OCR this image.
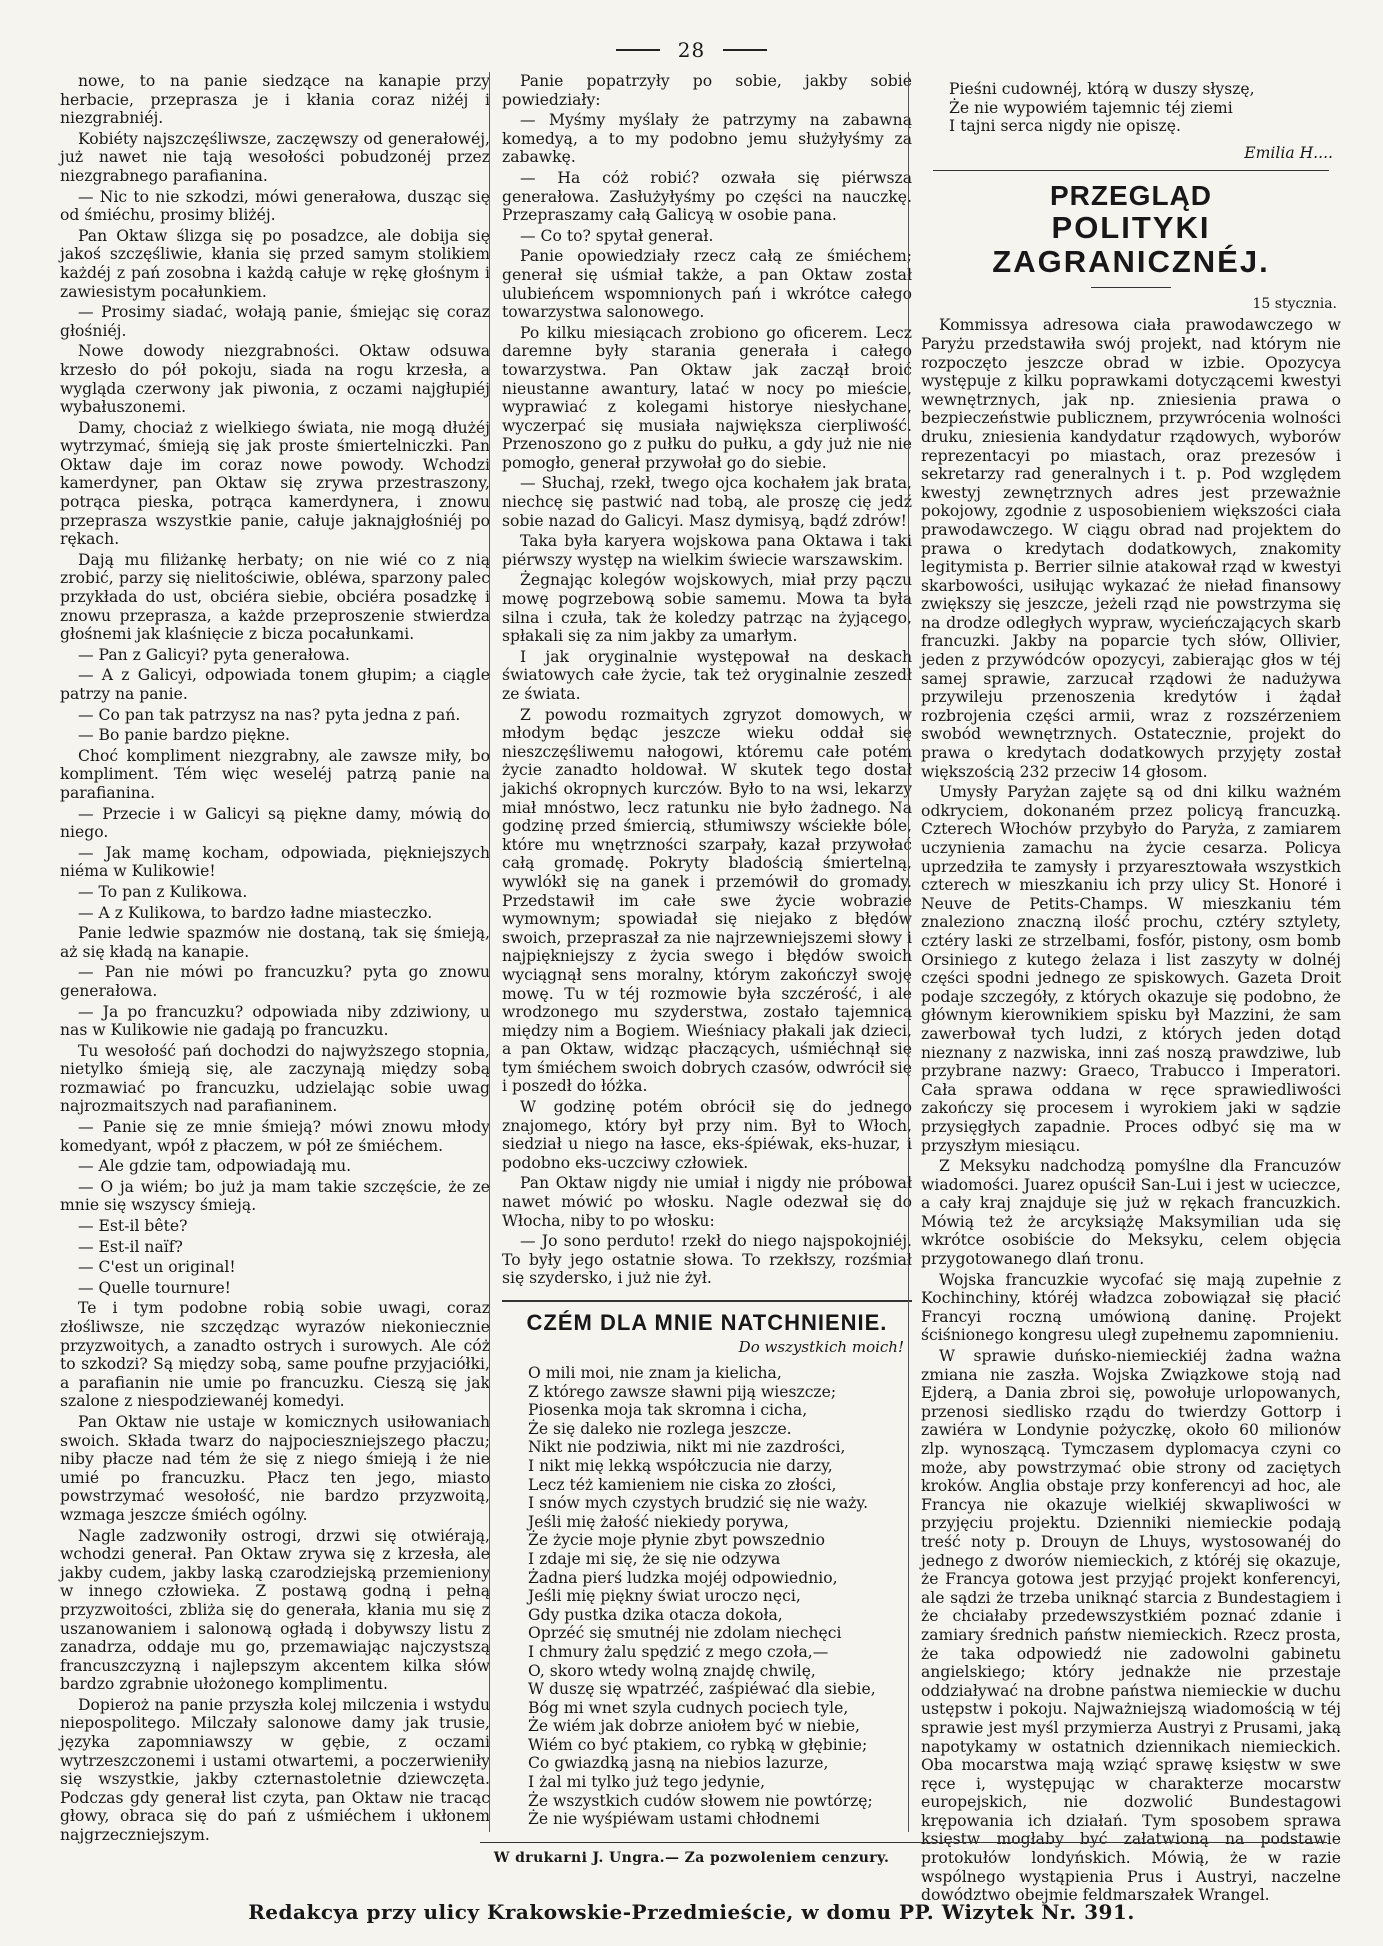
28

nowe, to na panie siedzące na kanapie przy herbacie, przeprasza je i kłania coraz niżéj i niezgrabniéj.

Kobiéty najszczęśliwsze, zaczęwszy od generałowéj, już nawet nie tają wesołości pobudzonéj przez niezgrabnego parafianina.

— Nic to nie szkodzi, mówi generałowa, dusząc się od śmiéchu, prosimy bliżéj.

Pan Oktaw ślizga się po posadzce, ale dobija się jakoś szczęśliwie, kłania się przed samym stolikiem każdéj z pań zosobna i każdą całuje w rękę głośnym i zawiesistym pocałunkiem.

— Prosimy siadać, wołają panie, śmiejąc się coraz głośniéj.

Nowe dowody niezgrabności. Oktaw odsuwa krzesło do pół pokoju, siada na rogu krzesła, a wygląda czerwony jak piwonia, z oczami najgłupiéj wybałuszonemi.

Damy, chociaż z wielkiego świata, nie mogą dłużéj wytrzymać, śmieją się jak proste śmiertelniczki. Pan Oktaw daje im coraz nowe powody. Wchodzi kamerdyner, pan Oktaw się zrywa przestraszony, potrąca pieska, potrąca kamerdynera, i znowu przeprasza wszystkie panie, całuje jaknajgłośniéj po rękach.

Dają mu filiżankę herbaty; on nie wié co z nią zrobić, parzy się nielitościwie, obléwa, sparzony palec przykłada do ust, obciéra siebie, obciéra posadzkę i znowu przeprasza, a każde przeproszenie stwierdza głośnemi jak klaśnięcie z bicza pocałunkami.

— Pan z Galicyi? pyta generałowa.

— A z Galicyi, odpowiada tonem głupim; a ciągle patrzy na panie.

— Co pan tak patrzysz na nas? pyta jedna z pań.

— Bo panie bardzo piękne.

Choć kompliment niezgrabny, ale zawsze miły, bo kompliment. Tém więc weseléj patrzą panie na parafianina.

— Przecie i w Galicyi są piękne damy, mówią do niego.

— Jak mamę kocham, odpowiada, piękniejszych niéma w Kulikowie!

— To pan z Kulikowa.

— A z Kulikowa, to bardzo ładne miasteczko.

Panie ledwie spazmów nie dostaną, tak się śmieją, aż się kładą na kanapie.

— Pan nie mówi po francuzku? pyta go znowu generałowa.

— Ja po francuzku? odpowiada niby zdziwiony, u nas w Kulikowie nie gadają po francuzku.

Tu wesołość pań dochodzi do najwyższego stopnia, nietylko śmieją się, ale zaczynają między sobą rozmawiać po francuzku, udzielając sobie uwag najrozmaitszych nad parafianinem.

— Panie się ze mnie śmieją? mówi znowu młody komedyant, wpół z płaczem, w pół ze śmiéchem.

— Ale gdzie tam, odpowiadają mu.

— O ja wiém; bo już ja mam takie szczęście, że ze mnie się wszyscy śmieją.

— Est-il bête?

— Est-il naïf?

— C'est un original!

— Quelle tournure!

Te i tym podobne robią sobie uwagi, coraz złośliwsze, nie szczędząc wyrazów niekoniecznie przyzwoitych, a zanadto ostrych i surowych. Ale cóż to szkodzi? Są między sobą, same poufne przyjaciółki, a parafianin nie umie po francuzku. Cieszą się jak szalone z niespodziewanéj komedyi.

Pan Oktaw nie ustaje w komicznych usiłowaniach swoich. Składa twarz do najpocieszniejszego płaczu; niby płacze nad tém że się z niego śmieją i że nie umié po francuzku. Płacz ten jego, miasto powstrzymać wesołość, nie bardzo przyzwoitą, wzmaga jeszcze śmiéch ogólny.

Nagle zadzwoniły ostrogi, drzwi się otwiérają, wchodzi generał. Pan Oktaw zrywa się z krzesła, ale jakby cudem, jakby laską czarodziejską przemieniony w innego człowieka. Z postawą godną i pełną przyzwoitości, zbliża się do generała, kłania mu się z uszanowaniem i salonową ogładą i dobywszy listu z zanadrza, oddaje mu go, przemawiając najczystszą francuszczyzną i najlepszym akcentem kilka słów bardzo zgrabnie ułożonego komplimentu.

Dopieroż na panie przyszła kolej milczenia i wstydu niepospolitego. Milczały salonowe damy jak trusie, języka zapomniawszy w gębie, z oczami wytrzeszczonemi i ustami otwartemi, a poczerwieniły się wszystkie, jakby czternastoletnie dziewczęta. Podczas gdy generał list czyta, pan Oktaw nie tracąc głowy, obraca się do pań z uśmiéchem i ukłonem najgrzeczniejszym.

Panie popatrzyły po sobie, jakby sobie powiedziały:

— Myśmy myślały że patrzymy na zabawną komedyą, a to my podobno jemu służyłyśmy za zabawkę.

— Ha cóż robić? ozwała się piérwsza generałowa. Zasłużyłyśmy po części na nauczkę. Przepraszamy całą Galicyą w osobie pana.

— Co to? spytał generał.

Panie opowiedziały rzecz całą ze śmiéchem; generał się uśmiał także, a pan Oktaw został ulubieńcem wspomnionych pań i wkrótce całego towarzystwa salonowego.

Po kilku miesiącach zrobiono go oficerem. Lecz daremne były starania generała i całego towarzystwa. Pan Oktaw jak zaczął broić nieustanne awantury, latać w nocy po mieście, wyprawiać z kolegami historye niesłychane, wyczerpać się musiała największa cierpliwość. Przenoszono go z pułku do pułku, a gdy już nie nie pomogło, generał przywołał go do siebie.

— Słuchaj, rzekł, twego ojca kochałem jak brata, niechcę się pastwić nad tobą, ale proszę cię jedź sobie nazad do Galicyi. Masz dymisyą, bądź zdrów!

Taka była karyera wojskowa pana Oktawa i taki piérwszy występ na wielkim świecie warszawskim.

Żegnając kolegów wojskowych, miał przy pączu mowę pogrzebową sobie samemu. Mowa ta była silna i czuła, tak że koledzy patrząc na żyjącego, spłakali się za nim jakby za umarłym.

I jak oryginalnie występował na deskach światowych całe życie, tak też oryginalnie zeszedł ze świata.

Z powodu rozmaitych zgryzot domowych, w młodym będąc jeszcze wieku oddał się nieszczęśliwemu nałogowi, któremu całe potém życie zanadto holdował. W skutek tego dostał jakichś okropnych kurczów. Było to na wsi, lekarzy miał mnóstwo, lecz ratunku nie było żadnego. Na godzinę przed śmiercią, stłumiwszy wściekłe bóle, które mu wnętrzności szarpały, kazał przywołać całą gromadę. Pokryty bladością śmiertelną, wywlókł się na ganek i przemówił do gromady. Przedstawił im całe swe życie wobrazie wymownym; spowiadał się niejako z błędów swoich, przepraszał za nie najrzewniejszemi słowy i najpiękniejszy z życia swego i błędów swoich wyciągnął sens moralny, którym zakończył swoję mowę. Tu w téj rozmowie była szczérość, i ale wrodzonego mu szyderstwa, zostało tajemnicą między nim a Bogiem. Wieśniacy płakali jak dzieci, a pan Oktaw, widząc płaczących, uśmiéchnął się tym śmiéchem swoich dobrych czasów, odwrócił się i poszedł do łóżka.

W godzinę potém obrócił się do jednego znajomego, który był przy nim. Był to Włoch, siedział u niego na łasce, eks-śpiéwak, eks-huzar, i podobno eks-uczciwy człowiek.

Pan Oktaw nigdy nie umiał i nigdy nie próbował nawet mówić po włosku. Nagle odezwał się do Włocha, niby to po włosku:

— Jo sono perduto! rzekł do niego najspokojniéj. To były jego ostatnie słowa. To rzekłszy, rozśmiał się szydersko, i już nie żył.

CZÉM DLA MNIE NATCHNIENIE.
Do wszystkich moich!

O mili moi, nie znam ja kielicha,

Z którego zawsze sławni piją wieszcze;

Piosenka moja tak skromna i cicha,

Że się daleko nie rozlega jeszcze.

Nikt nie podziwia, nikt mi nie zazdrości,

I nikt mię lekką współczucia nie darzy,

Lecz téż kamieniem nie ciska zo złości,

I snów mych czystych brudzić się nie waży.

Jeśli mię żałość niekiedy porywa,

Że życie moje płynie zbyt powszednio

I zdaje mi się, że się nie odzywa

Żadna pierś ludzka mojéj odpowiednio,

Jeśli mię piękny świat uroczo nęci,

Gdy pustka dzika otacza dokoła,

Oprzéć się smutnéj nie zdolam niechęci

I chmury żalu spędzić z mego czoła,—

O, skoro wtedy wolną znajdę chwilę,

W duszę się wpatrzéć, zaśpiéwać dla siebie,

Bóg mi wnet szyla cudnych pociech tyle,

Że wiém jak dobrze aniołem być w niebie,

Wiém co być ptakiem, co rybką w głębinie;

Co gwiazdką jasną na niebios lazurze,

I żal mi tylko już tego jedynie,

Że wszystkich cudów słowem nie powtórzę;

Że nie wyśpiéwam ustami chłodnemi

Pieśni cudownéj, którą w duszy słyszę,

Że nie wypowiém tajemnic téj ziemi

I tajni serca nigdy nie opiszę.

Emilia H....
PRZEGLĄD
POLITYKI ZAGRANICZNÉJ.
15 stycznia.

Kommissya adresowa ciała prawodawczego w Paryżu przedstawiła swój projekt, nad którym nie rozpoczęto jeszcze obrad w izbie. Opozycya występuje z kilku poprawkami dotyczącemi kwestyi wewnętrznych, jak np. zniesienia prawa o bezpieczeństwie publicznem, przywrócenia wolności druku, zniesienia kandydatur rządowych, wyborów reprezentacyi po miastach, oraz prezesów i sekretarzy rad generalnych i t. p. Pod względem kwestyj zewnętrznych adres jest przeważnie pokojowy, zgodnie z usposobieniem większości ciała prawodawczego. W ciągu obrad nad projektem do prawa o kredytach dodatkowych, znakomity legitymista p. Berrier silnie atakował rząd w kwestyi skarbowości, usiłując wykazać że nieład finansowy zwiększy się jeszcze, jeżeli rząd nie powstrzyma się na drodze odległych wypraw, wycieńczających skarb francuzki. Jakby na poparcie tych słów, Ollivier, jeden z przywódców opozycyi, zabierając głos w téj samej sprawie, zarzucał rządowi że nadużywa przywileju przenoszenia kredytów i żądał rozbrojenia części armii, wraz z rozszérzeniem swobód wewnętrznych. Ostatecznie, projekt do prawa o kredytach dodatkowych przyjęty został większością 232 przeciw 14 głosom.

Umysły Paryżan zajęte są od dni kilku ważném odkryciem, dokonaném przez policyą francuzką. Czterech Włochów przybyło do Paryża, z zamiarem uczynienia zamachu na życie cesarza. Policya uprzedziła te zamysły i przyaresztowała wszystkich czterech w mieszkaniu ich przy ulicy St. Honoré i Neuve de Petits-Champs. W mieszkaniu tém znaleziono znaczną ilość prochu, cztéry sztylety, cztéry laski ze strzelbami, fosfór, pistony, osm bomb Orsiniego z kutego żelaza i list zaszyty w dolnéj części spodni jednego ze spiskowych. Gazeta Droit podaje szczegóły, z których okazuje się podobno, że głównym kierownikiem spisku był Mazzini, że sam zawerbował tych ludzi, z których jeden dotąd nieznany z nazwiska, inni zaś noszą prawdziwe, lub przybrane nazwy: Graeco, Trabucco i Imperatori. Cała sprawa oddana w ręce sprawiedliwości zakończy się procesem i wyrokiem jaki w sądzie przysięgłych zapadnie. Proces odbyć się ma w przyszłym miesiącu.

Z Meksyku nadchodzą pomyślne dla Francuzów wiadomości. Juarez opuścił San-Lui i jest w ucieczce, a cały kraj znajduje się już w rękach francuzkich. Mówią też że arcyksiążę Maksymilian uda się wkrótce osobiście do Meksyku, celem objęcia przygotowanego dlań tronu.

Wojska francuzkie wycofać się mają zupełnie z Kochinchiny, któréj władzca zobowiązał się płacić Francyi roczną umówioną daninę. Projekt ściśnionego kongresu uległ zupełnemu zapomnieniu.

W sprawie duńsko-niemieckiéj żadna ważna zmiana nie zaszła. Wojska Związkowe stoją nad Ejderą, a Dania zbroi się, powołuje urlopowanych, przenosi siedlisko rządu do twierdzy Gottorp i zawiéra w Londynie pożyczkę, około 60 milionów zlp. wynoszącą. Tymczasem dyplomacya czyni co może, aby powstrzymać obie strony od zaciętych kroków. Anglia obstaje przy konferencyi ad hoc, ale Francya nie okazuje wielkiéj skwapliwości w przyjęciu projektu. Dzienniki niemieckie podają treść noty p. Drouyn de Lhuys, wystosowanéj do jednego z dworów niemieckich, z któréj się okazuje, że Francya gotowa jest przyjąć projekt konferencyi, ale sądzi że trzeba uniknąć starcia z Bundestagiem i że chciałaby przedewszystkiém poznać zdanie i zamiary średnich państw niemieckich. Rzecz prosta, że taka odpowiedź nie zadowolni gabinetu angielskiego; który jednakże nie przestaje oddziaływać na drobne państwa niemieckie w duchu ustępstw i pokoju. Najważniejszą wiadomością w téj sprawie jest myśl przymierza Austryi z Prusami, jaką napotykamy w ostatnich dziennikach niemieckich. Oba mocarstwa mają wziąć sprawę księstw w swe ręce i, występując w charakterze mocarstw europejskich, nie dozwolić Bundestagowi krępowania ich działań. Tym sposobem sprawa księstw mogłaby być załatwioną na podstawie protokułów londyńskich. Mówią, że w razie wspólnego wystąpienia Prus i Austryi, naczelne dowództwo obejmie feldmarszałek Wrangel.

W drukarni J. Ungra.— Za pozwoleniem cenzury.
Redakcya przy ulicy Krakowskie-Przedmieście, w domu PP. Wizytek Nr. 391.
